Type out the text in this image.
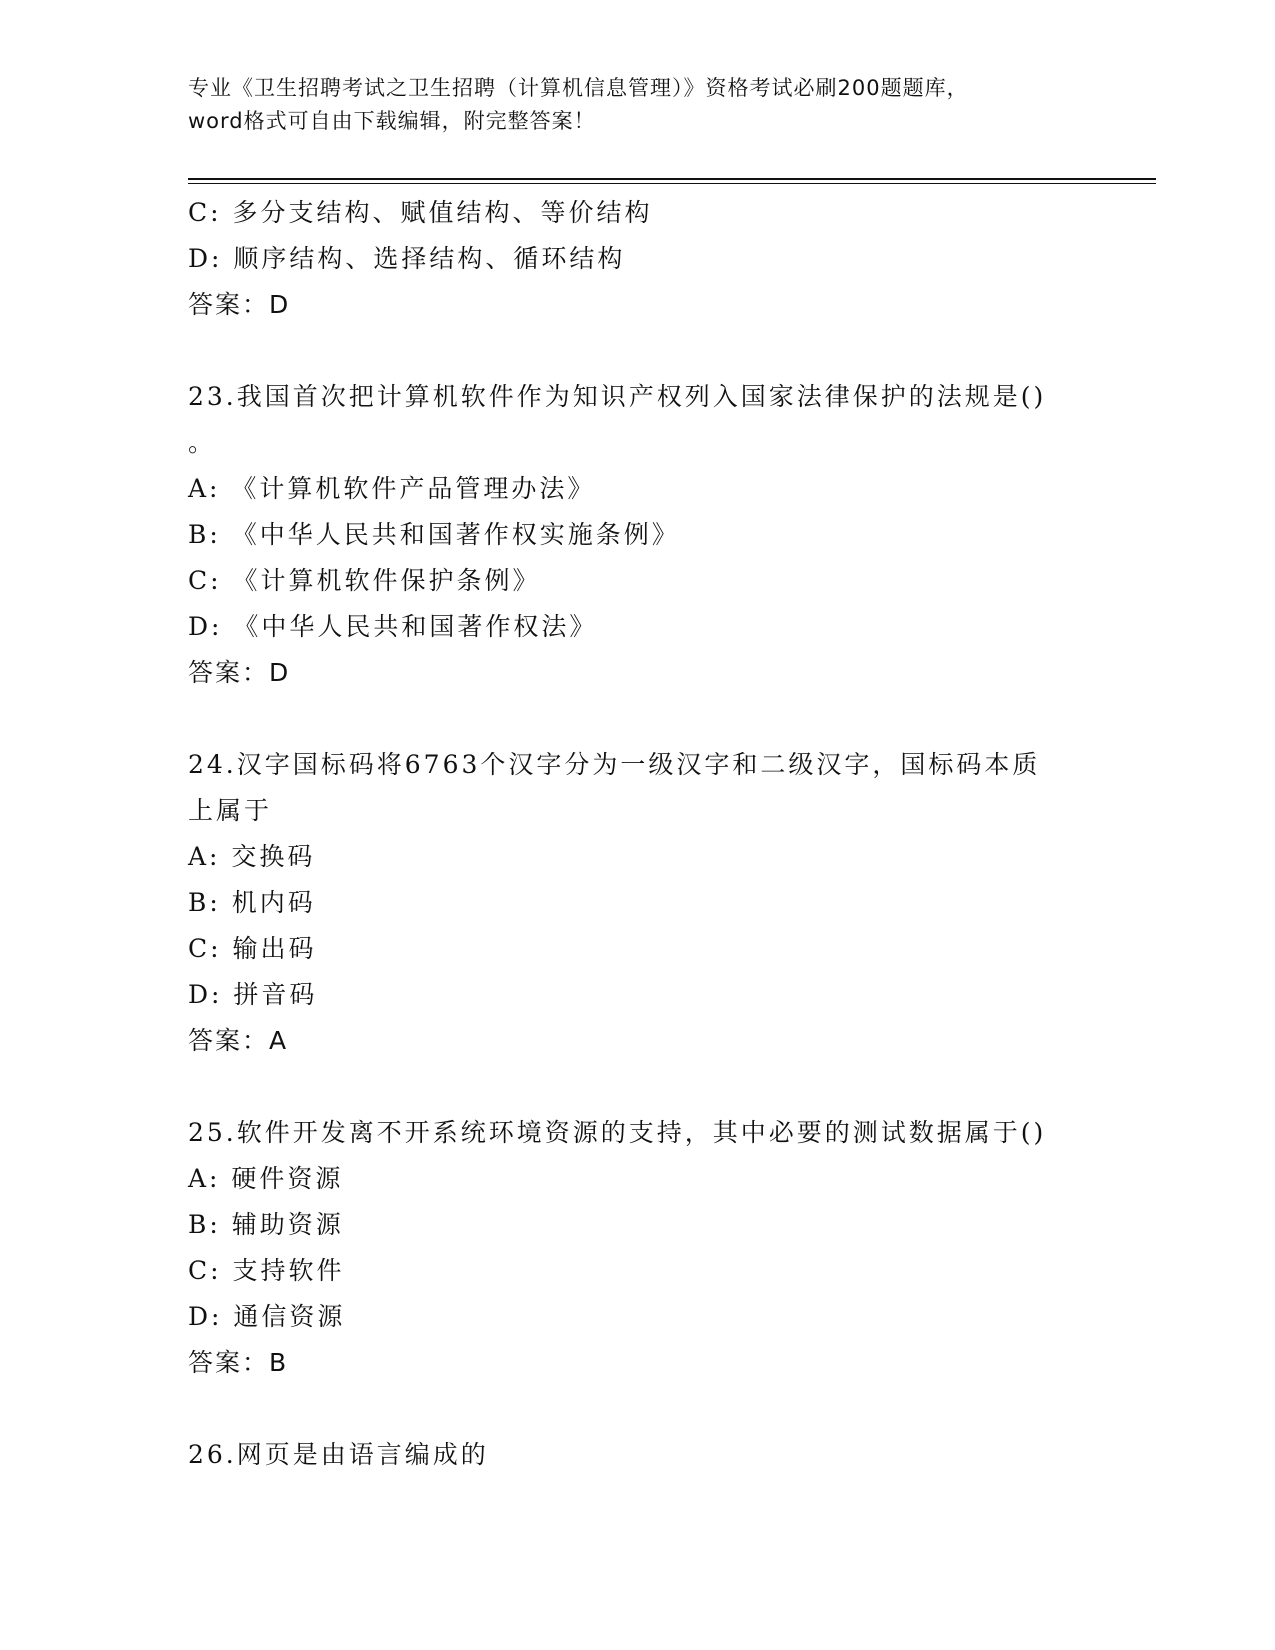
专业《卫生招聘考试之卫生招聘（计算机信息管理）》资格考试必刷200题题库，
word格式可自由下载编辑，附完整答案！
C: 多分支结构、赋值结构、等价结构
D: 顺序结构、选择结构、循环结构
答案：D
23.我国首次把计算机软件作为知识产权列入国家法律保护的法规是()
。
A: 《计算机软件产品管理办法》
B: 《中华人民共和国著作权实施条例》
C: 《计算机软件保护条例》
D: 《中华人民共和国著作权法》
答案：D
24.汉字国标码将6763个汉字分为一级汉字和二级汉字，国标码本质
上属于
A: 交换码
B: 机内码
C: 输出码
D: 拼音码
答案：A
25.软件开发离不开系统环境资源的支持，其中必要的测试数据属于()
A: 硬件资源
B: 辅助资源
C: 支持软件
D: 通信资源
答案：B
26.网页是由语言编成的
